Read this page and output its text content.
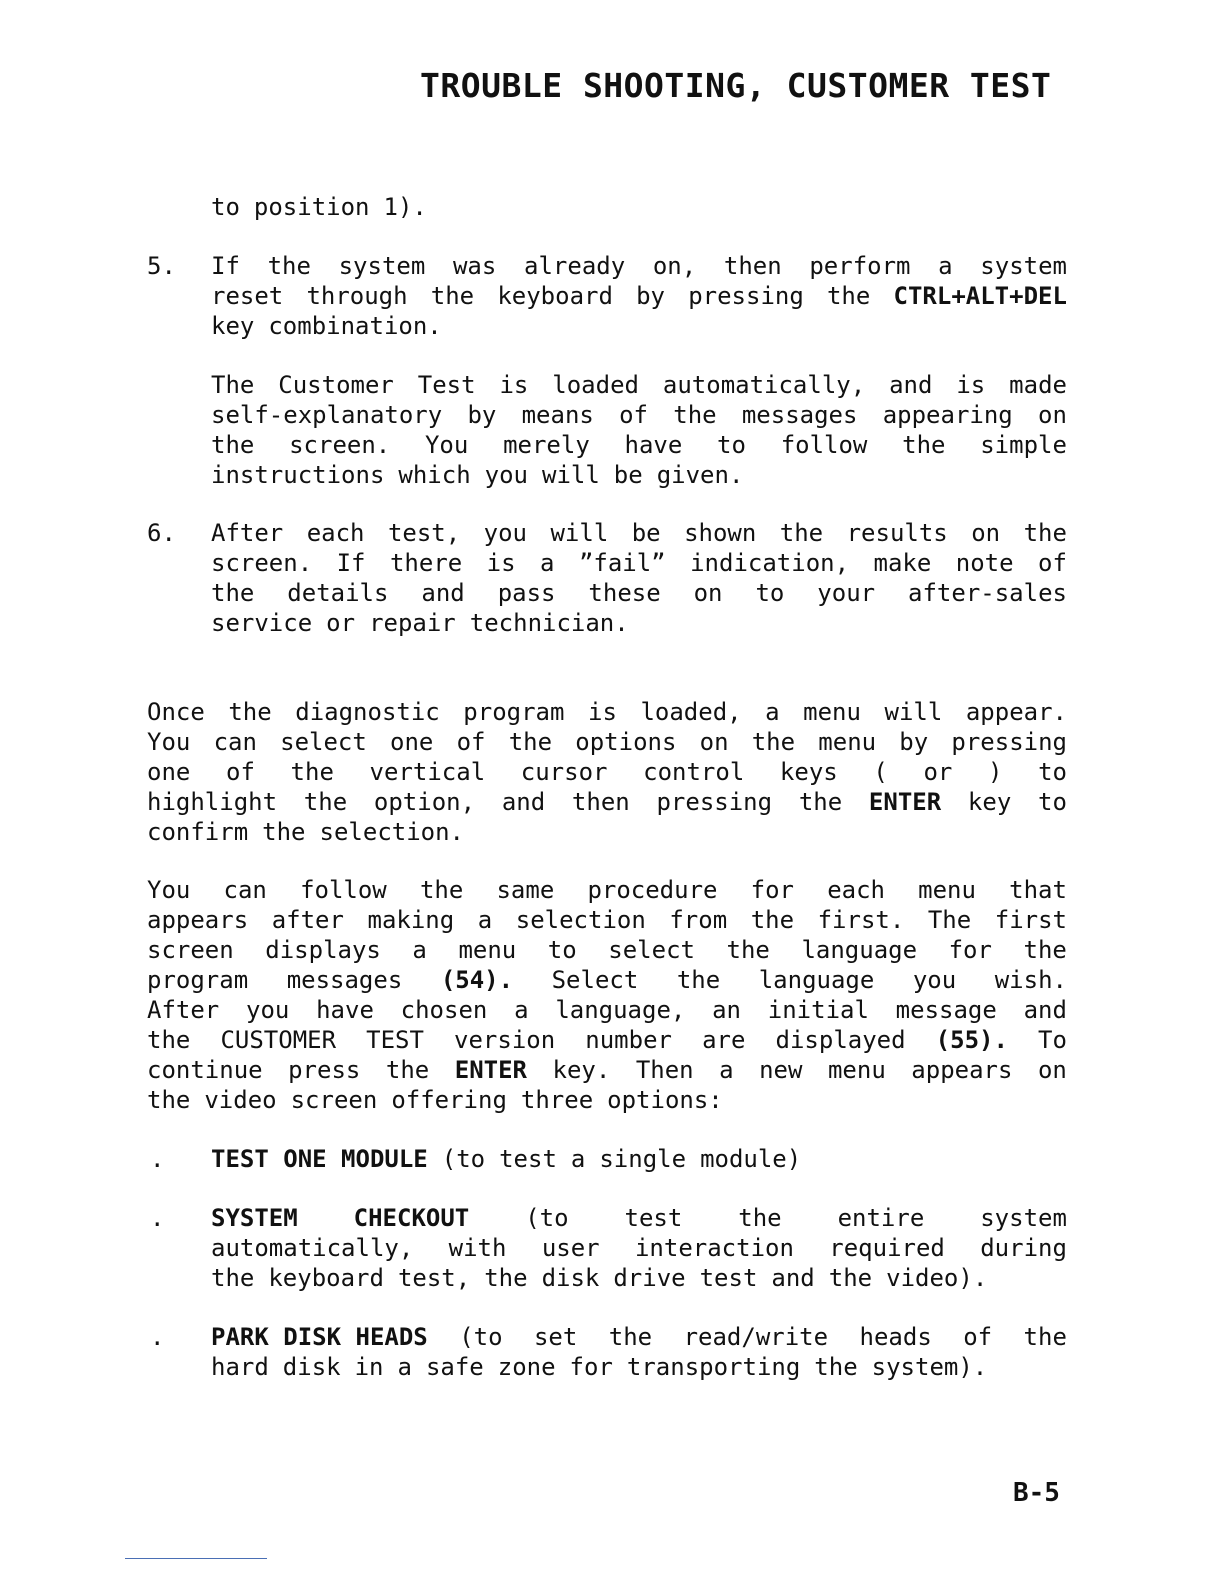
TROUBLE SHOOTING, CUSTOMER TEST
to position 1).
5. If the system was already on, then perform a system
reset through the keyboard by pressing the CTRL+ALT+DEL
key combination.
The Customer Test is loaded automatically, and is made
self-explanatory by means of the messages appearing on
the screen. You merely have to follow the simple
instructions which you will be given.
6. After each test, you will be shown the results on the
screen. If there is a ”fail” indication, make note of
the details and pass these on to your after-sales
service or repair technician.
Once the diagnostic program is loaded, a menu will appear.
You can select one of the options on the menu by pressing
one of the vertical cursor control keys ( or ) to
highlight the option, and then pressing the ENTER key to
confirm the selection.
You can follow the same procedure for each menu that
appears after making a selection from the first. The first
screen displays a menu to select the language for the
program messages (54). Select the language you wish.
After you have chosen a language, an initial message and
the CUSTOMER TEST version number are displayed (55). To
continue press the ENTER key. Then a new menu appears on
the video screen offering three options:
. TEST ONE MODULE (to test a single module)
. SYSTEM CHECKOUT (to test the entire system
automatically, with user interaction required during
the keyboard test, the disk drive test and the video).
. PARK DISK HEADS (to set the read/write heads of the
hard disk in a safe zone for transporting the system).
B-5
